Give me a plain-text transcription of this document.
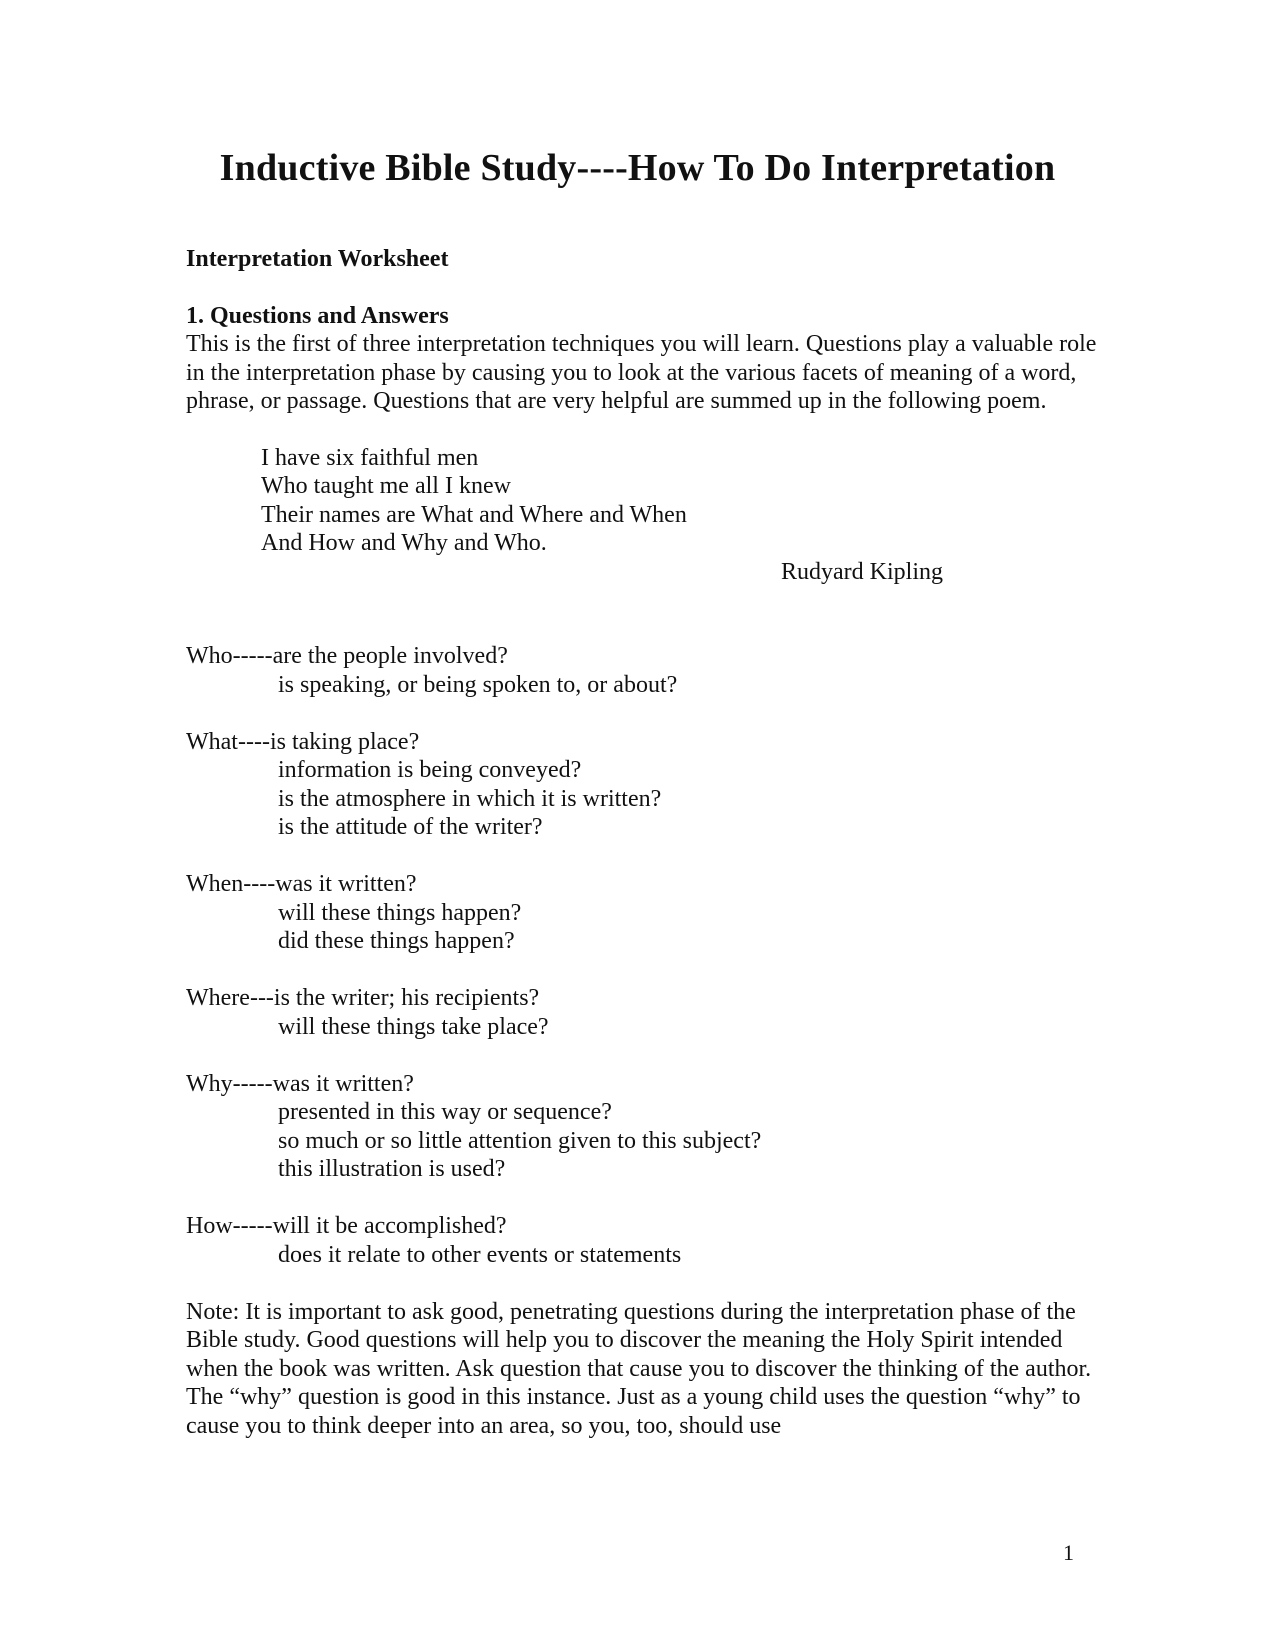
Inductive Bible Study----How To Do Interpretation

Interpretation Worksheet

1. Questions and Answers

This is the first of three interpretation techniques you will learn. Questions play a valuable role in the interpretation phase by causing you to look at the various facets of meaning of a word, phrase, or passage. Questions that are very helpful are summed up in the following poem.

I have six faithful men
Who taught me all I knew
Their names are What and Where and When
And How and Why and Who.
Rudyard Kipling
Who-----are the people involved?
is speaking, or being spoken to, or about?
What----is taking place?
information is being conveyed?
is the atmosphere in which it is written?
is the attitude of the writer?
When----was it written?
will these things happen?
did these things happen?
Where---is the writer; his recipients?
will these things take place?
Why-----was it written?
presented in this way or sequence?
so much or so little attention given to this subject?
this illustration is used?
How-----will it be accomplished?
does it relate to other events or statements

Note: It is important to ask good, penetrating questions during the interpretation phase of the Bible study. Good questions will help you to discover the meaning the Holy Spirit intended when the book was written. Ask question that cause you to discover the thinking of the author. The “why” question is good in this instance. Just as a young child uses the question “why” to cause you to think deeper into an area, so you, too, should use

1
